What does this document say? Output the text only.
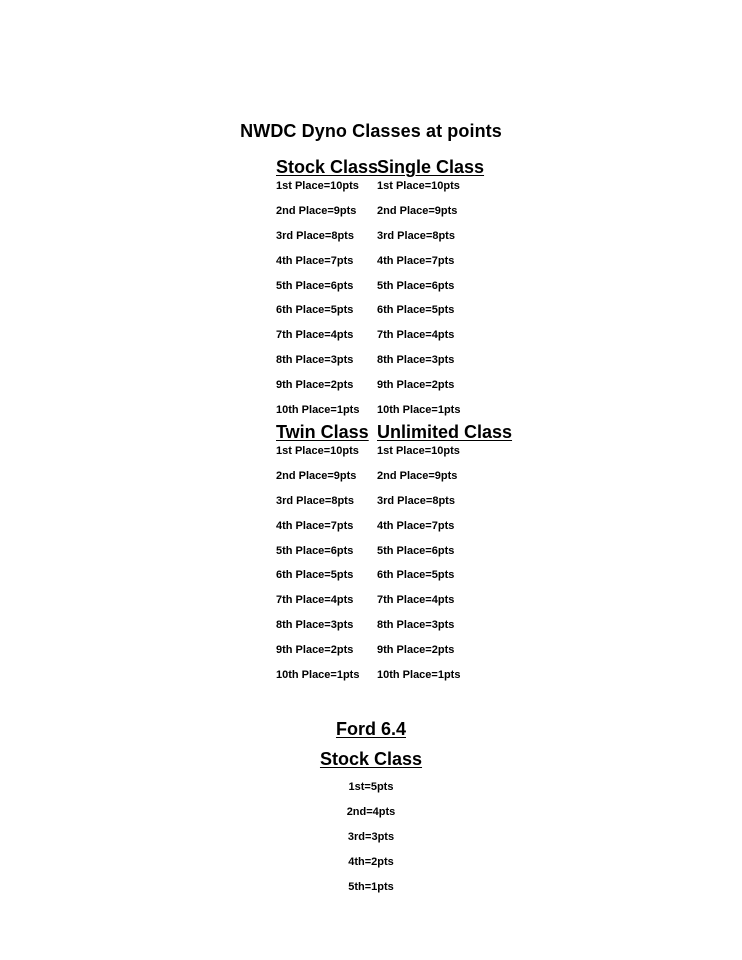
NWDC Dyno Classes at points
Stock Class
1st Place=10pts
2nd Place=9pts
3rd Place=8pts
4th Place=7pts
5th Place=6pts
6th Place=5pts
7th Place=4pts
8th Place=3pts
9th Place=2pts
10th Place=1pts
Single Class
1st Place=10pts
2nd Place=9pts
3rd Place=8pts
4th Place=7pts
5th Place=6pts
6th Place=5pts
7th Place=4pts
8th Place=3pts
9th Place=2pts
10th Place=1pts
Twin Class
1st Place=10pts
2nd Place=9pts
3rd Place=8pts
4th Place=7pts
5th Place=6pts
6th Place=5pts
7th Place=4pts
8th Place=3pts
9th Place=2pts
10th Place=1pts
Unlimited Class
1st Place=10pts
2nd Place=9pts
3rd Place=8pts
4th Place=7pts
5th Place=6pts
6th Place=5pts
7th Place=4pts
8th Place=3pts
9th Place=2pts
10th Place=1pts
Ford 6.4
Stock Class
1st=5pts
2nd=4pts
3rd=3pts
4th=2pts
5th=1pts
